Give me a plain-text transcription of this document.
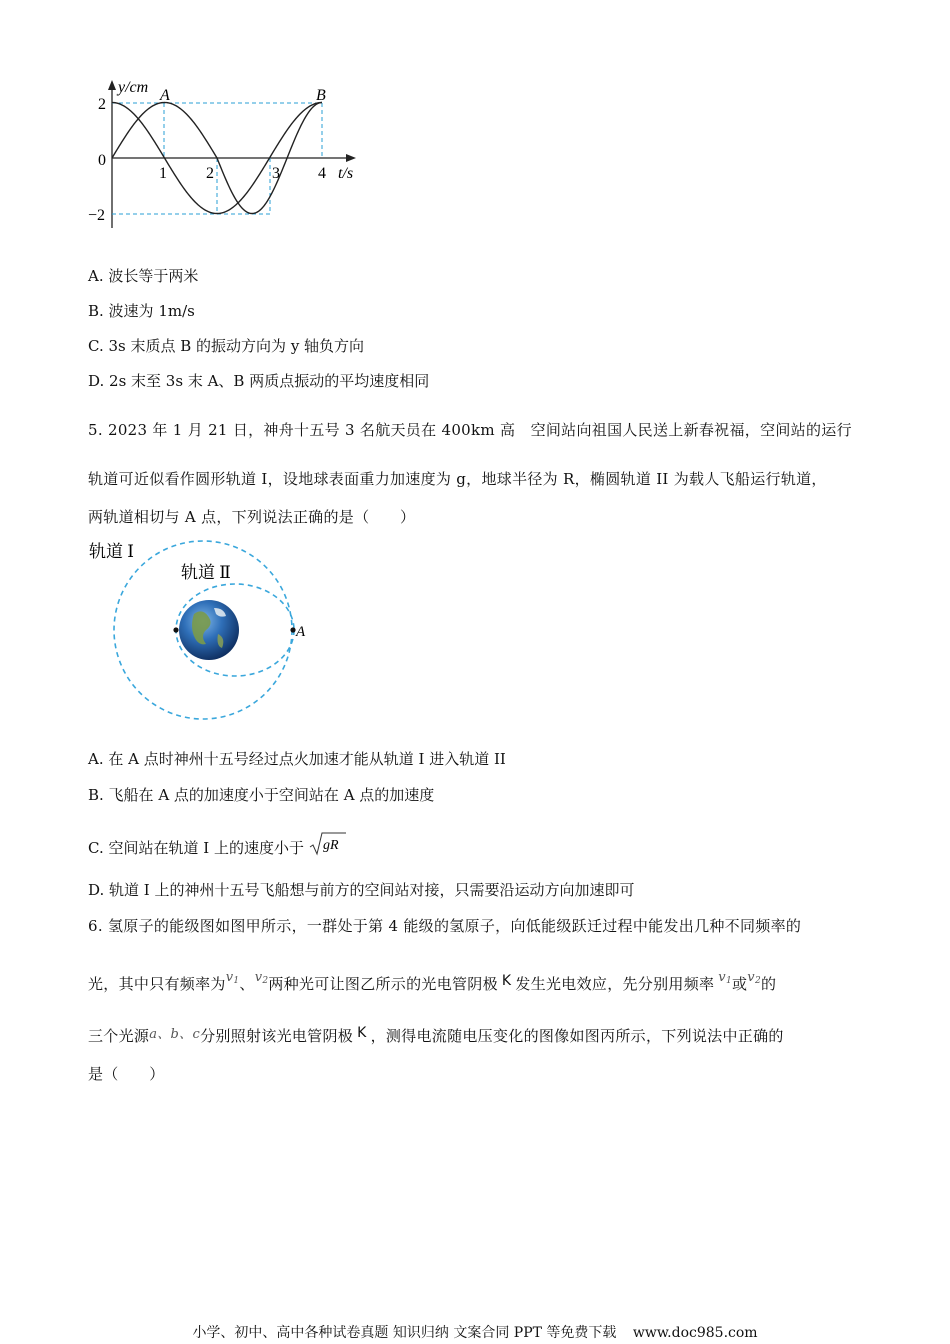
y/cm
t/s
0
2
−2
1 2	3 4
A	B
A. 波长等于两米
B. 波速为 1m/s
C. 3s 末质点 B 的振动方向为 y 轴负方向
D. 2s 末至 3s 末 A、B 两质点振动的平均速度相同
5. 2023 年 1 月 21 日，神舟十五号 3 名航天员在 400km 高　空间站向祖国人民送上新春祝福，空间站的运行
轨道可近似看作圆形轨道 I，设地球表面重力加速度为 g，地球半径为 R，椭圆轨道 II 为载人飞船运行轨道，
两轨道相切与 A 点，下列说法正确的是（　　）
A
轨道 Ⅰ
轨道 Ⅱ
A. 在 A 点时神州十五号经过点火加速才能从轨道 I 进入轨道 II
B. 飞船在 A 点的加速度小于空间站在 A 点的加速度
C. 空间站在轨道 I 上的速度小于 gR
D. 轨道 I 上的神州十五号飞船想与前方的空间站对接，只需要沿运动方向加速即可
6. 氢原子的能级图如图甲所示，一群处于第 4 能级的氢原子，向低能级跃迁过程中能发出几种不同频率的
光，其中只有频率为$v_1$、$v_2$两种光可让图乙所示的光电管阴极 K 发生光电效应，先分别用频率 $v_1$或$v_2$的
三个光源a、b、c分别照射该光电管阴极 K ，测得电流随电压变化的图像如图丙所示，下列说法中正确的
是（　　）
小学、初中、高中各种试卷真题 知识归纳 文案合同 PPT 等免费下载 www.doc985.com
